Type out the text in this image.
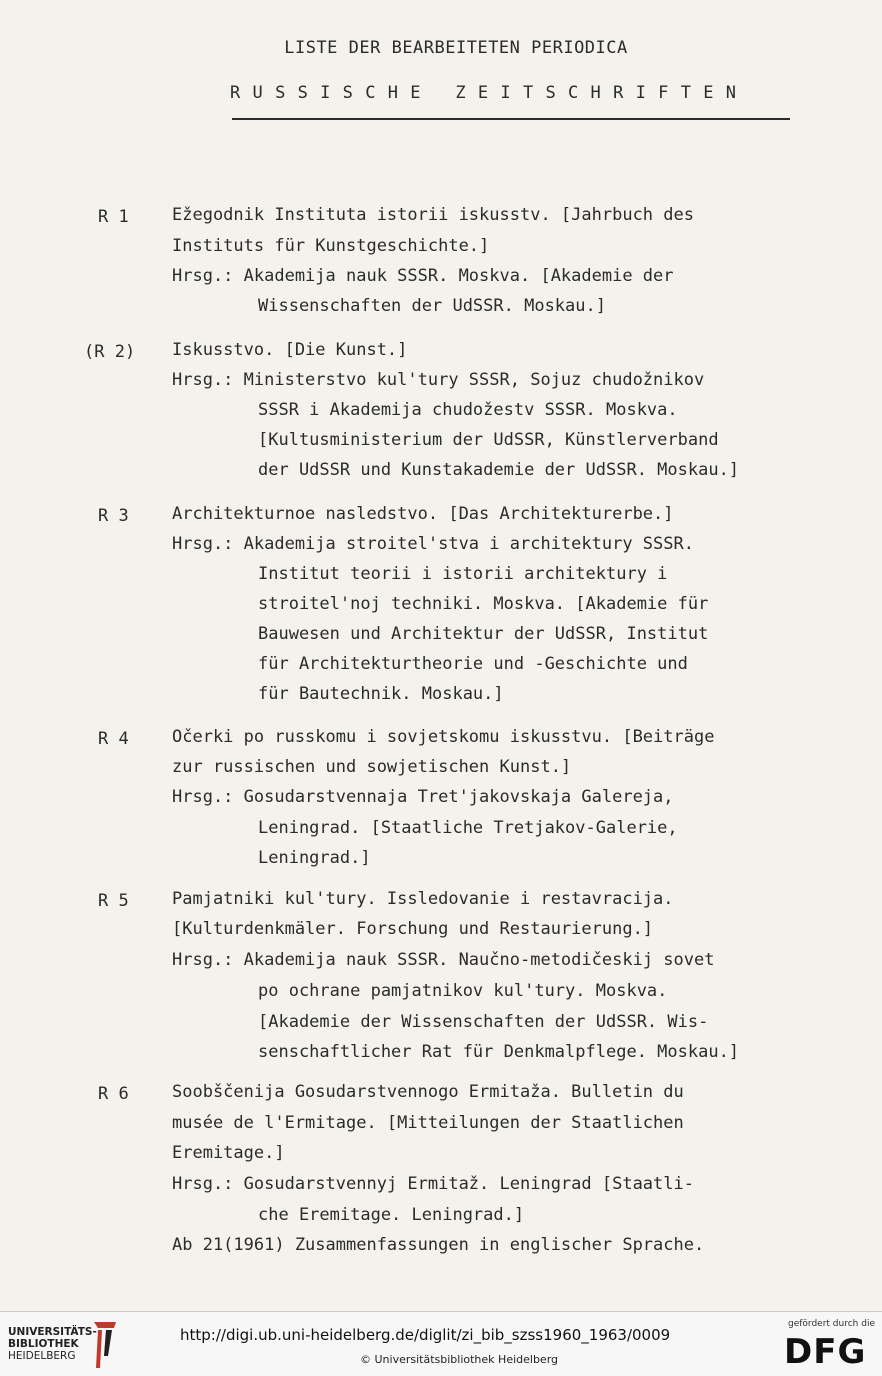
LISTE DER BEARBEITETEN PERIODICA
RUSSISCHE ZEITSCHRIFTEN
R 1	Ežegodnik Instituta istorii iskusstv. [Jahrbuch des
Instituts für Kunstgeschichte.]
Hrsg.: Akademija nauk SSSR. Moskva. [Akademie der
Wissenschaften der UdSSR. Moskau.]
(R 2)	Iskusstvo. [Die Kunst.]
Hrsg.: Ministerstvo kul'tury SSSR, Sojuz chudožnikov
SSSR i Akademija chudožestv SSSR. Moskva.
[Kultusministerium der UdSSR, Künstlerverband
der UdSSR und Kunstakademie der UdSSR. Moskau.]
R 3	Architekturnoe nasledstvo. [Das Architekturerbe.]
Hrsg.: Akademija stroitel'stva i architektury SSSR.
Institut teorii i istorii architektury i
stroitel'noj techniki. Moskva. [Akademie für
Bauwesen und Architektur der UdSSR, Institut
für Architekturtheorie und -Geschichte und
für Bautechnik. Moskau.]
R 4	Očerki po russkomu i sovjetskomu iskusstvu. [Beiträge
zur russischen und sowjetischen Kunst.]
Hrsg.: Gosudarstvennaja Tret'jakovskaja Galereja,
Leningrad. [Staatliche Tretjakov-Galerie,
Leningrad.]
R 5	Pamjatniki kul'tury. Issledovanie i restavracija.
[Kulturdenkmäler. Forschung und Restaurierung.]
Hrsg.: Akademija nauk SSSR. Naučno-metodičeskij sovet
po ochrane pamjatnikov kul'tury. Moskva.
[Akademie der Wissenschaften der UdSSR. Wis-
senschaftlicher Rat für Denkmalpflege. Moskau.]
R 6	Soobščenija Gosudarstvennogo Ermitaža. Bulletin du
musée de l'Ermitage. [Mitteilungen der Staatlichen
Eremitage.]
Hrsg.: Gosudarstvennyj Ermitaž. Leningrad [Staatli-
che Eremitage. Leningrad.]
Ab 21(1961) Zusammenfassungen in englischer Sprache.
UNIVERSITÄTS-
BIBLIOTHEK
HEIDELBERG
http://digi.ub.uni-heidelberg.de/diglit/zi_bib_szss1960_1963/0009
© Universitätsbibliothek Heidelberg
gefördert durch die
DFG
